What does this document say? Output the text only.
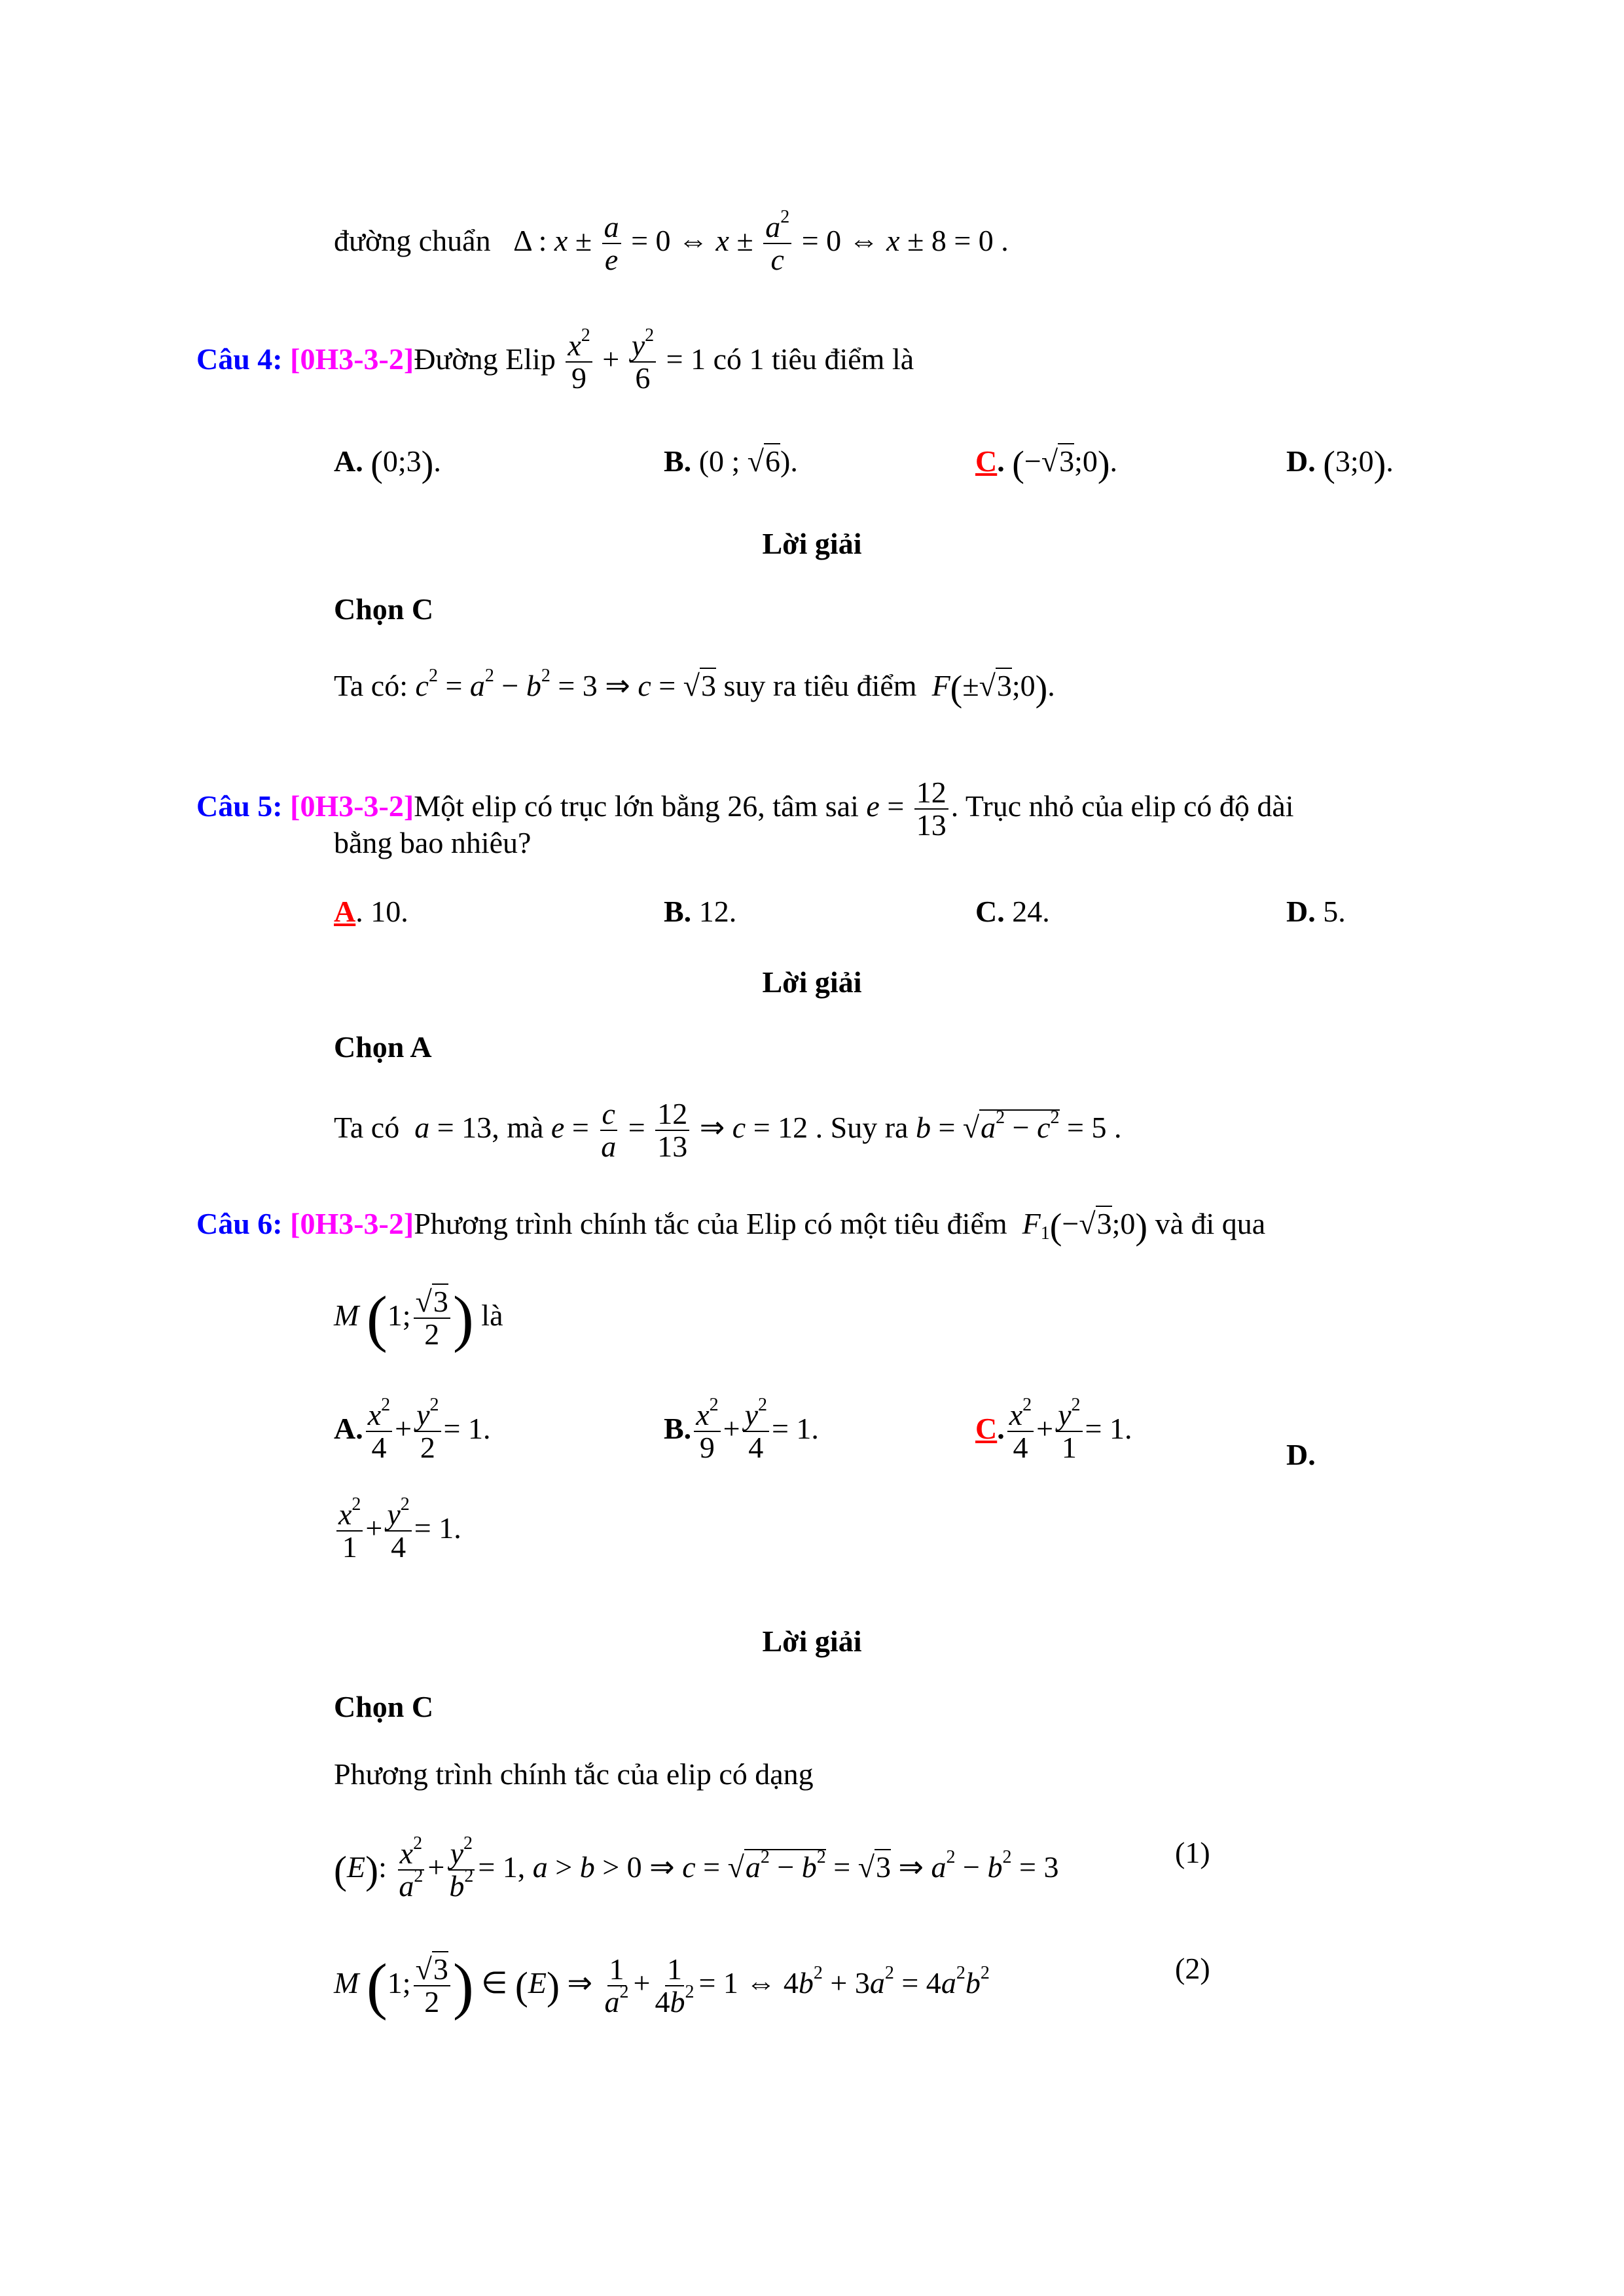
đường chuẩn   Δ : $x \pm \frac{a}{e} = 0$ ⇔ $x \pm \frac{a^2}{c} = 0$ ⇔ x ± 8 = 0 .
Câu 4: [0H3-3-2]Đường Elip $\frac{x^2}{9} + \frac{y^2}{6} = 1$ có 1 tiêu điểm là
A. (0;3).	B. (0 ; √6).	C. (−√3;0).	D. (3;0).
Lời giải
Chọn C
Ta có: $c^2 = a^2 - b^2 = 3$ ⇒ c = √3 suy ra tiêu điểm F(±√3;0).
Câu 5: [0H3-3-2]Một elip có trục lớn bằng 26, tâm sai $e = \frac{12}{13}$ . Trục nhỏ của elip có độ dài
bằng bao nhiêu?
A. 10.	B. 12.	C. 24.	D. 5.
Lời giải
Chọn A
Ta có a = 13, mà $e = \frac{c}{a} = \frac{12}{13}$ ⇒ c = 12 . Suy ra $b = √a^2 - c^2 = 5$ .
Câu 6: [0H3-3-2]Phương trình chính tắc của Elip có một tiêu điểm $F_1(-√3;0)$ và đi qua
M (1; $\frac{√3}{2}$ ) là
A. $\frac{x^2}{4} + \frac{y^2}{2} = 1$.	B. $\frac{x^2}{9} + \frac{y^2}{4} = 1$.	C. $\frac{x^2}{4} + \frac{y^2}{1} = 1$.
D.
$\frac{x^2}{1} + \frac{y^2}{4} = 1$.
Lời giải
Chọn C
Phương trình chính tắc của elip có dạng
(E): $\frac{x^2}{a^2} + \frac{y^2}{b^2} = 1$, a > b > 0 ⇒ $c = √a^2 - b^2 = √3$ ⇒ $a^2 - b^2 = 3$	(1)
M (1; $\frac{√3}{2}$ ) ∈ (E) ⇒ $\frac{1}{a^2} + \frac{1}{4b^2} = 1$ ⇔ $4b^2 + 3a^2 = 4a^2b^2$	(2)
